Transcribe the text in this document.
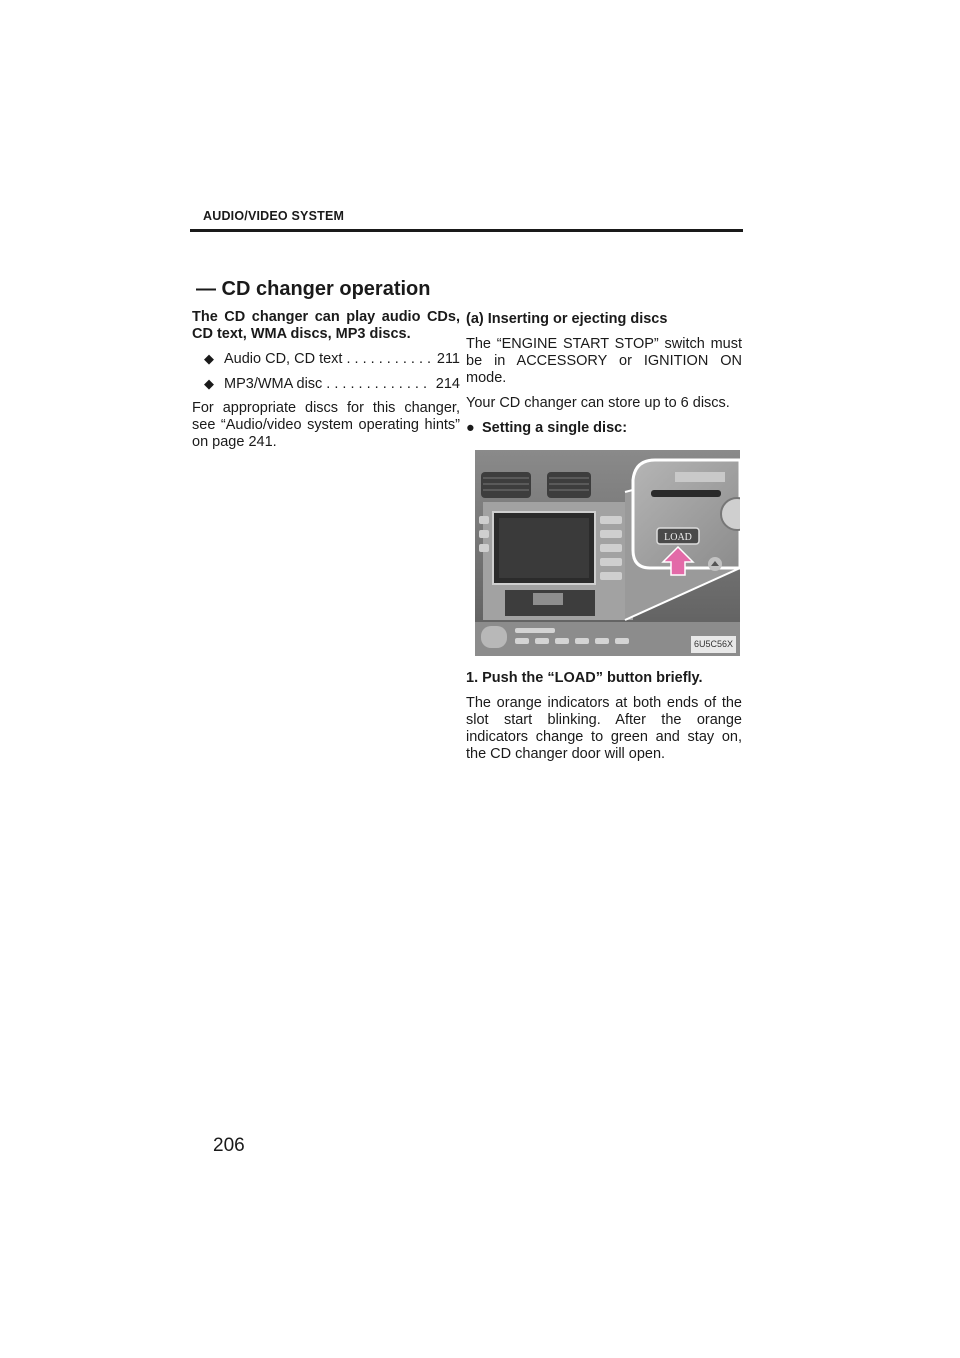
AUDIO/VIDEO SYSTEM
— CD changer operation

The CD changer can play audio CDs, CD text, WMA discs, MP3 discs.

◆ Audio CD, CD text . . .	211
◆ MP3/WMA disc . . .	214

For appropriate discs for this changer, see “Audio/video system operating hints” on page 241.

(a) Inserting or ejecting discs

The “ENGINE START STOP” switch must be in ACCESSORY or IGNITION ON mode.

Your CD changer can store up to 6 discs.

● Setting a single disc:
LOAD
6U5C56X

1. Push the “LOAD” button briefly.

The orange indicators at both ends of the slot start blinking. After the orange indicators change to green and stay on, the CD changer door will open.

206
